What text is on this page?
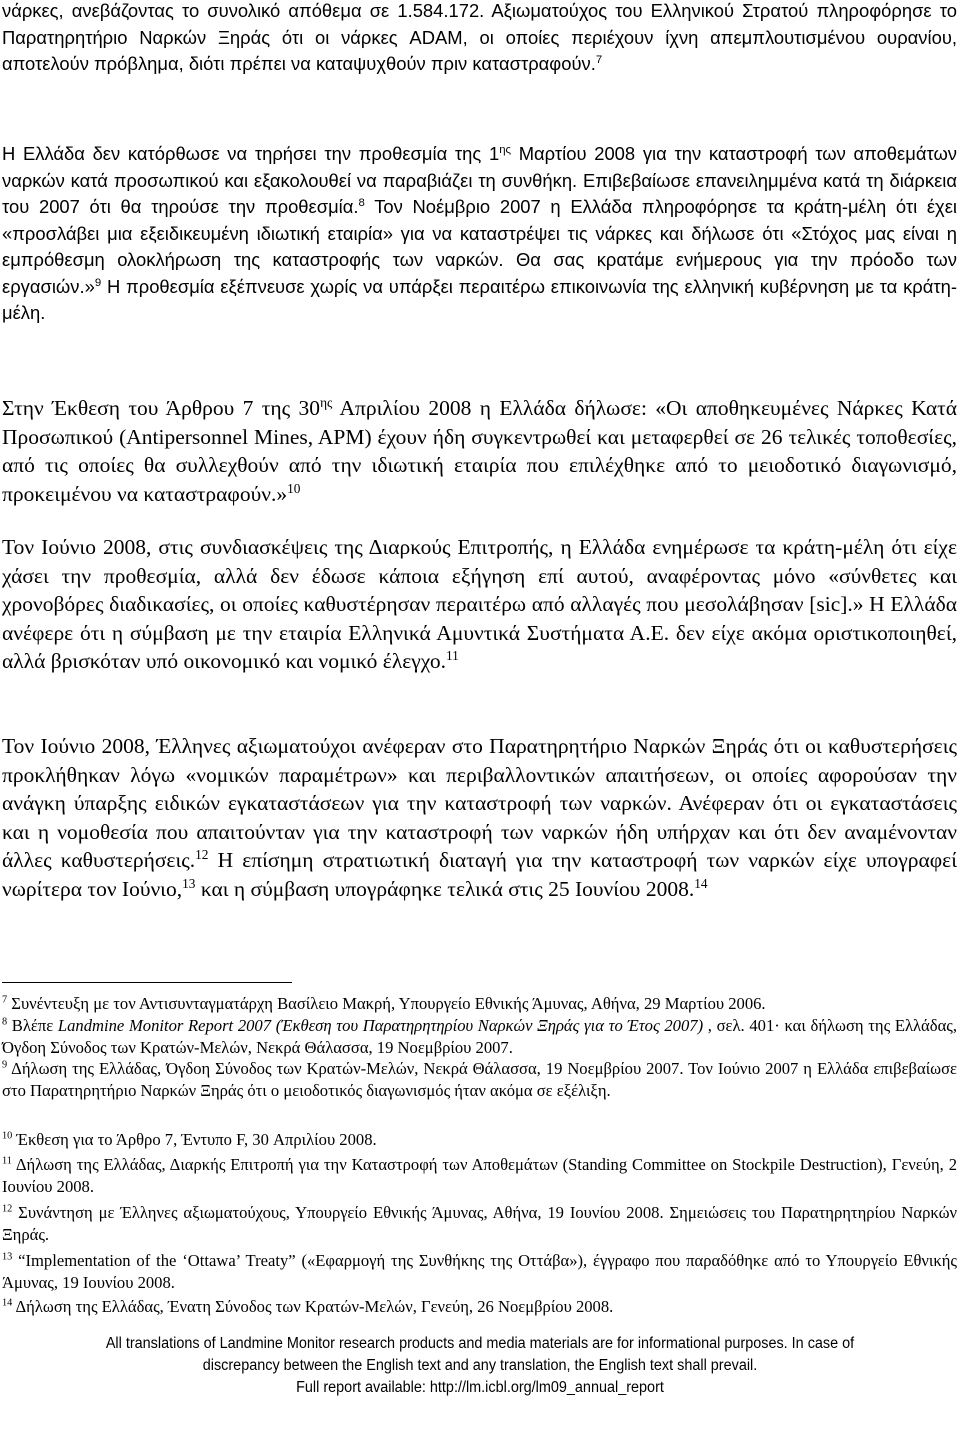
νάρκες, ανεβάζοντας το συνολικό απόθεμα σε 1.584.172. Αξιωματούχος του Ελληνικού Στρατού πληροφόρησε το Παρατηρητήριο Ναρκών Ξηράς ότι οι νάρκες ADAM, οι οποίες περιέχουν ίχνη απεμπλουτισμένου ουρανίου, αποτελούν πρόβλημα, διότι πρέπει να καταψυχθούν πριν καταστραφούν.$^7$

Η Ελλάδα δεν κατόρθωσε να τηρήσει την προθεσμία της $1^{\eta\varsigma}$ Μαρτίου 2008 για την καταστροφή των αποθεμάτων ναρκών κατά προσωπικού και εξακολουθεί να παραβιάζει τη συνθήκη. Επιβεβαίωσε επανειλημμένα κατά τη διάρκεια του 2007 ότι θα τηρούσε την προθεσμία.$^8$ Τον Νοέμβριο 2007 η Ελλάδα πληροφόρησε τα κράτη-μέλη ότι έχει «προσλάβει μια εξειδικευμένη ιδιωτική εταιρία» για να καταστρέψει τις νάρκες και δήλωσε ότι «Στόχος μας είναι η εμπρόθεσμη ολοκλήρωση της καταστροφής των ναρκών. Θα σας κρατάμε ενήμερους για την πρόοδο των εργασιών.»$^9$ Η προθεσμία εξέπνευσε χωρίς να υπάρξει περαιτέρω επικοινωνία της ελληνική κυβέρνηση με τα κράτη-μέλη.

Στην Έκθεση του Άρθρου 7 της $30^{\eta\varsigma}$ Απριλίου 2008 η Ελλάδα δήλωσε: «Οι αποθηκευμένες Νάρκες Κατά Προσωπικού (Antipersonnel Mines, APM) έχουν ήδη συγκεντρωθεί και μεταφερθεί σε 26 τελικές τοποθεσίες, από τις οποίες θα συλλεχθούν από την ιδιωτική εταιρία που επιλέχθηκε από το μειοδοτικό διαγωνισμό, προκειμένου να καταστραφούν.»$^{10}$

Τον Ιούνιο 2008, στις συνδιασκέψεις της Διαρκούς Επιτροπής, η Ελλάδα ενημέρωσε τα κράτη-μέλη ότι είχε χάσει την προθεσμία, αλλά δεν έδωσε κάποια εξήγηση επί αυτού, αναφέροντας μόνο «σύνθετες και χρονοβόρες διαδικασίες, οι οποίες καθυστέρησαν περαιτέρω από αλλαγές που μεσολάβησαν [sic].» Η Ελλάδα ανέφερε ότι η σύμβαση με την εταιρία Ελληνικά Αμυντικά Συστήματα Α.Ε. δεν είχε ακόμα οριστικοποιηθεί, αλλά βρισκόταν υπό οικονομικό και νομικό έλεγχο.$^{11}$

Τον Ιούνιο 2008, Έλληνες αξιωματούχοι ανέφεραν στο Παρατηρητήριο Ναρκών Ξηράς ότι οι καθυστερήσεις προκλήθηκαν λόγω «νομικών παραμέτρων» και περιβαλλοντικών απαιτήσεων, οι οποίες αφορούσαν την ανάγκη ύπαρξης ειδικών εγκαταστάσεων για την καταστροφή των ναρκών. Ανέφεραν ότι οι εγκαταστάσεις και η νομοθεσία που απαιτούνταν για την καταστροφή των ναρκών ήδη υπήρχαν και ότι δεν αναμένονταν άλλες καθυστερήσεις.$^{12}$ Η επίσημη στρατιωτική διαταγή για την καταστροφή των ναρκών είχε υπογραφεί νωρίτερα τον Ιούνιο,$^{13}$ και η σύμβαση υπογράφηκε τελικά στις 25 Ιουνίου 2008.14

$^7$ Συνέντευξη με τον Αντισυνταγματάρχη Βασίλειο Μακρή, Υπουργείο Εθνικής Άμυνας, Αθήνα, 29 Μαρτίου 2006.

$^8$ Βλέπε Landmine Monitor Report 2007 (Έκθεση του Παρατηρητηρίου Ναρκών Ξηράς για το Έτος 2007) , σελ. 401· και δήλωση της Ελλάδας, Όγδοη Σύνοδος των Κρατών-Μελών, Νεκρά Θάλασσα, 19 Νοεμβρίου 2007.

$^9$ Δήλωση της Ελλάδας, Όγδοη Σύνοδος των Κρατών-Μελών, Νεκρά Θάλασσα, 19 Νοεμβρίου 2007. Τον Ιούνιο 2007 η Ελλάδα επιβεβαίωσε στο Παρατηρητήριο Ναρκών Ξηράς ότι ο μειοδοτικός διαγωνισμός ήταν ακόμα σε εξέλιξη.

$^{10}$ Έκθεση για το Άρθρο 7, Έντυπο F, 30 Απριλίου 2008.

$^{11}$ Δήλωση της Ελλάδας, Διαρκής Επιτροπή για την Καταστροφή των Αποθεμάτων (Standing Committee on Stockpile Destruction), Γενεύη, 2 Ιουνίου 2008.

$^{12}$ Συνάντηση με Έλληνες αξιωματούχους, Υπουργείο Εθνικής Άμυνας, Αθήνα, 19 Ιουνίου 2008. Σημειώσεις του Παρατηρητηρίου Ναρκών Ξηράς.

$^{13}$ “Implementation of the ‘Ottawa’ Treaty” («Εφαρμογή της Συνθήκης της Οττάβα»), έγγραφο που παραδόθηκε από το Υπουργείο Εθνικής Άμυνας, 19 Ιουνίου 2008.

$^{14}$ Δήλωση της Ελλάδας, Ένατη Σύνοδος των Κρατών-Μελών, Γενεύη, 26 Νοεμβρίου 2008.

All translations of Landmine Monitor research products and media materials are for informational purposes. In case of
discrepancy between the English text and any translation, the English text shall prevail.
Full report available: http://lm.icbl.org/lm09_annual_report
